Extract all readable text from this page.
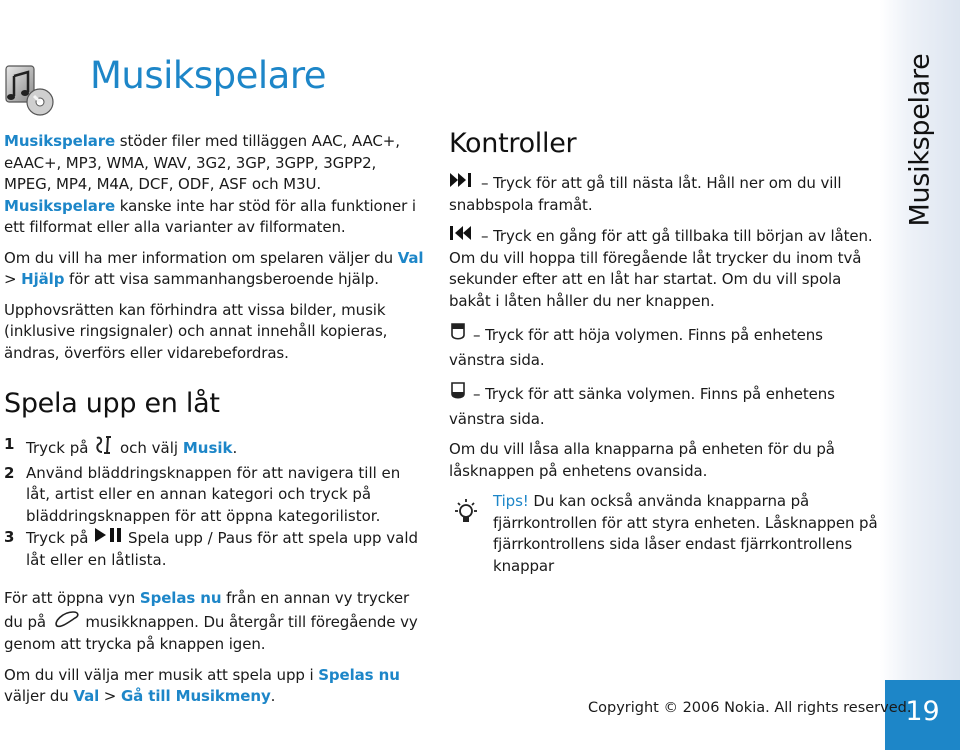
Musikspelare
19
Copyright © 2006 Nokia. All rights reserved.
Musikspelare

Musikspelare stöder filer med tilläggen AAC, AAC+, eAAC+, MP3, WMA, WAV, 3G2, 3GP, 3GPP, 3GPP2, MPEG, MP4, M4A, DCF, ODF, ASF och M3U. Musikspelare kanske inte har stöd för alla funktioner i ett filformat eller alla varianter av filformaten.

Om du vill ha mer information om spelaren väljer du Val > Hjälp för att visa sammanhangsberoende hjälp.

Upphovsrätten kan förhindra att vissa bilder, musik (inklusive ringsignaler) och annat innehåll kopieras, ändras, överförs eller vidarebefordras.

Spela upp en låt
1 Tryck på  och välj Musik.
2 Använd bläddringsknappen för att navigera till en låt, artist eller en annan kategori och tryck på bläddringsknappen för att öppna kategorilistor.
3 Tryck på  Spela upp / Paus för att spela upp vald låt eller en låtlista.

För att öppna vyn Spelas nu från en annan vy trycker du på  musikknappen. Du återgår till föregående vy genom att trycka på knappen igen.

Om du vill välja mer musik att spela upp i Spelas nu väljer du Val > Gå till Musikmeny.

Kontroller

– Tryck för att gå till nästa låt. Håll ner om du vill snabbspola framåt.

– Tryck en gång för att gå tillbaka till början av låten. Om du vill hoppa till föregående låt trycker du inom två sekunder efter att en låt har startat. Om du vill spola bakåt i låten håller du ner knappen.

– Tryck för att höja volymen. Finns på enhetens vänstra sida.

– Tryck för att sänka volymen. Finns på enhetens vänstra sida.

Om du vill låsa alla knapparna på enheten för du på låsknappen på enhetens ovansida.

Tips! Du kan också använda knapparna på fjärrkontrollen för att styra enheten. Låsknappen på fjärrkontrollens sida låser endast fjärrkontrollens knappar
